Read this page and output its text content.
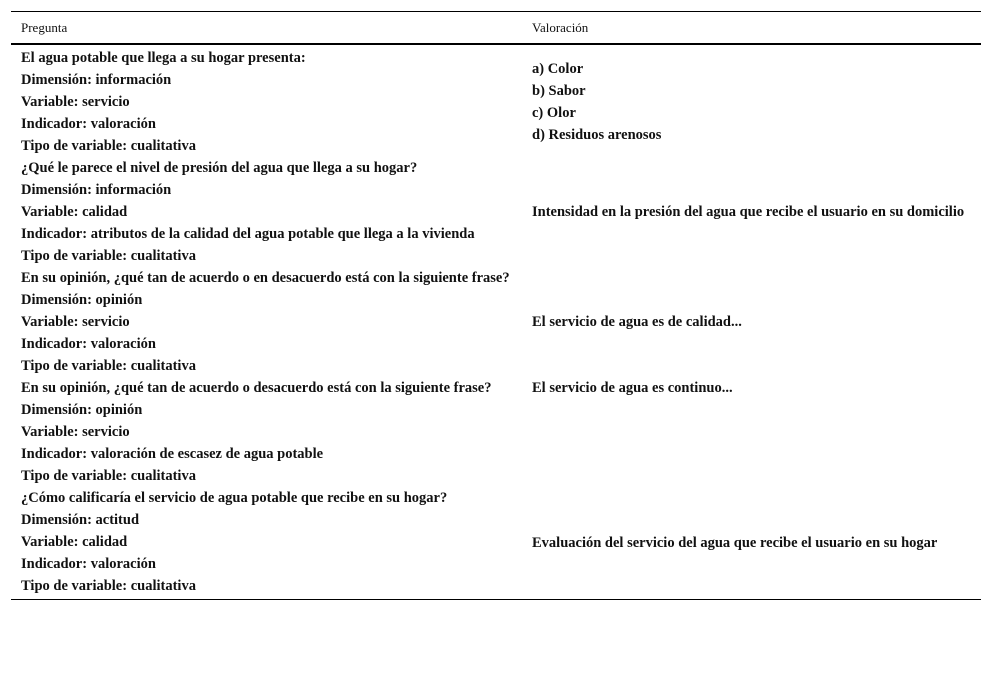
Pregunta	Valoración

El agua potable que llega a su hogar presenta:
Dimensión: información
Variable: servicio
Indicador: valoración
Tipo de variable: cualitativa	a) Color
b) Sabor
c) Olor
d) Residuos arenosos

¿Qué le parece el nivel de presión del agua que llega a su hogar?
Dimensión: información
Variable: calidad
Indicador: atributos de la calidad del agua potable que llega a la vivienda
Tipo de variable: cualitativa	Intensidad en la presión del agua que recibe el usuario en su domicilio

En su opinión, ¿qué tan de acuerdo o en desacuerdo está con la siguiente frase?
Dimensión: opinión
Variable: servicio
Indicador: valoración
Tipo de variable: cualitativa	El servicio de agua es de calidad...

En su opinión, ¿qué tan de acuerdo o desacuerdo está con la siguiente frase?
Dimensión: opinión
Variable: servicio
Indicador: valoración de escasez de agua potable
Tipo de variable: cualitativa	El servicio de agua es continuo...

¿Cómo calificaría el servicio de agua potable que recibe en su hogar?
Dimensión: actitud
Variable: calidad
Indicador: valoración
Tipo de variable: cualitativa	Evaluación del servicio del agua que recibe el usuario en su hogar
